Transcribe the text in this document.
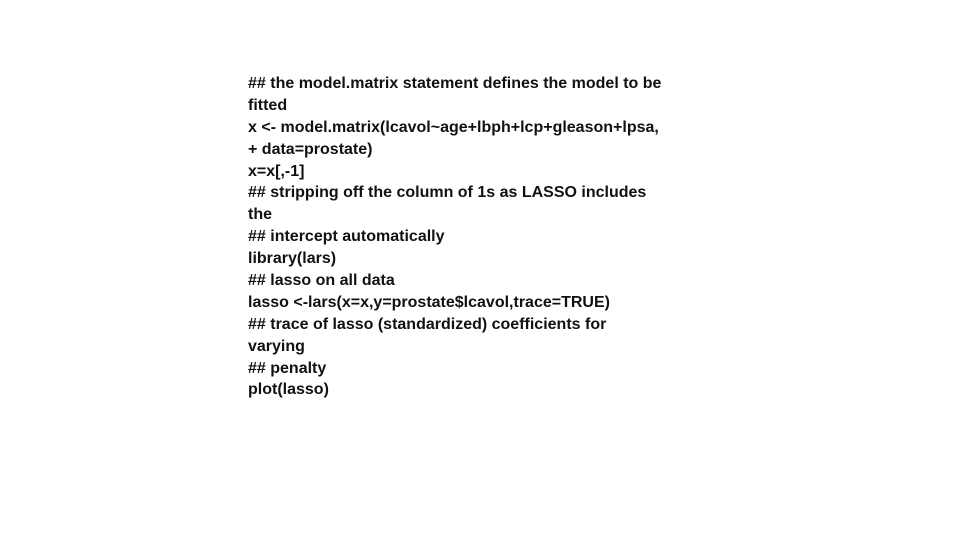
## the model.matrix statement defines the model to be
fitted
x <- model.matrix(lcavol~age+lbph+lcp+gleason+lpsa,
+ data=prostate)
x=x[,-1]
## stripping off the column of 1s as LASSO includes
the
## intercept automatically
library(lars)
## lasso on all data
lasso <-lars(x=x,y=prostate$lcavol,trace=TRUE)
## trace of lasso (standardized) coefficients for
varying
## penalty
plot(lasso)
